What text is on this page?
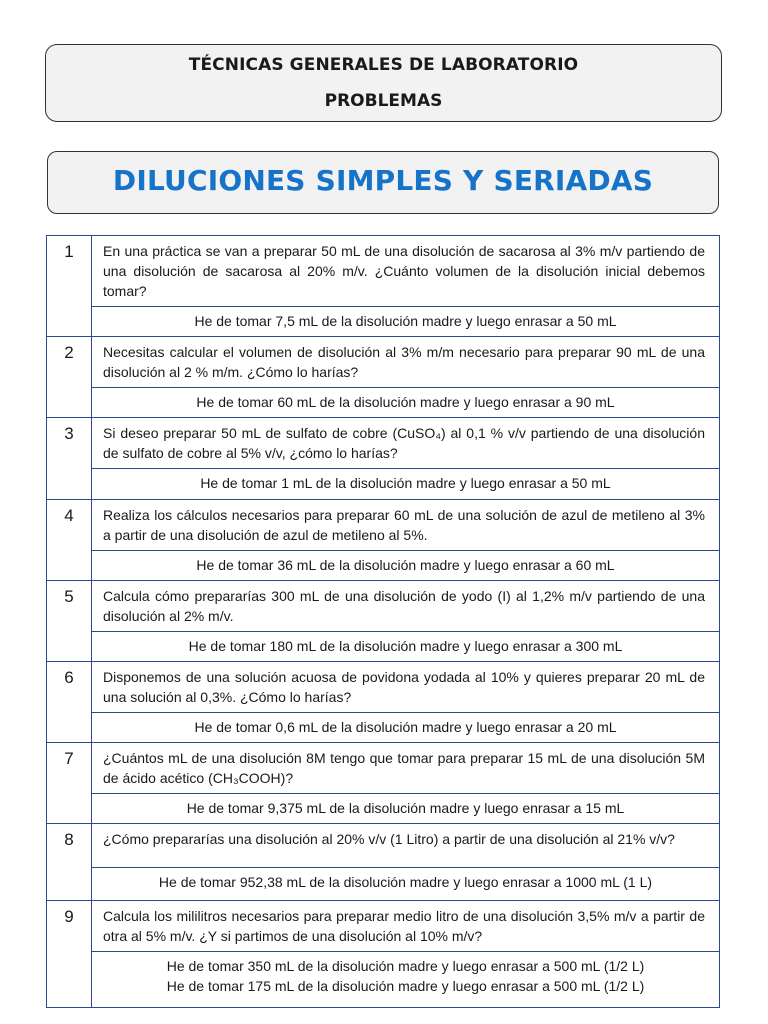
TÉCNICAS GENERALES DE LABORATORIO
PROBLEMAS
DILUCIONES SIMPLES Y SERIADAS
1	En una práctica se van a preparar 50 mL de una disolución de sacarosa al 3% m/v partiendo de una disolución de sacarosa al 20% m/v. ¿Cuánto volumen de la disolución inicial debemos tomar?
He de tomar 7,5 mL de la disolución madre y luego enrasar a 50 mL
2	Necesitas calcular el volumen de disolución al 3% m/m necesario para preparar 90 mL de una disolución al 2 % m/m. ¿Cómo lo harías?
He de tomar 60 mL de la disolución madre y luego enrasar a 90 mL
3	Si deseo preparar 50 mL de sulfato de cobre (CuSO₄) al 0,1 % v/v partiendo de una disolución de sulfato de cobre al 5% v/v, ¿cómo lo harías?
He de tomar 1 mL de la disolución madre y luego enrasar a 50 mL
4	Realiza los cálculos necesarios para preparar 60 mL de una solución de azul de metileno al 3% a partir de una disolución de azul de metileno al 5%.
He de tomar 36 mL de la disolución madre y luego enrasar a 60 mL
5	Calcula cómo prepararías 300 mL de una disolución de yodo (I) al 1,2% m/v partiendo de una disolución al 2% m/v.
He de tomar 180 mL de la disolución madre y luego enrasar a 300 mL
6	Disponemos de una solución acuosa de povidona yodada al 10% y quieres preparar 20 mL de una solución al 0,3%. ¿Cómo lo harías?
He de tomar 0,6 mL de la disolución madre y luego enrasar a 20 mL
7	¿Cuántos mL de una disolución 8M tengo que tomar para preparar 15 mL de una disolución 5M de ácido acético (CH₃COOH)?
He de tomar 9,375 mL de la disolución madre y luego enrasar a 15 mL
8	¿Cómo prepararías una disolución al 20% v/v (1 Litro) a partir de una disolución al 21% v/v?
He de tomar 952,38 mL de la disolución madre y luego enrasar a 1000 mL (1 L)
9	Calcula los mililitros necesarios para preparar medio litro de una disolución 3,5% m/v a partir de otra al 5% m/v. ¿Y si partimos de una disolución al 10% m/v?
He de tomar 350 mL de la disolución madre y luego enrasar a 500 mL (1/2 L)
He de tomar 175 mL de la disolución madre y luego enrasar a 500 mL (1/2 L)
